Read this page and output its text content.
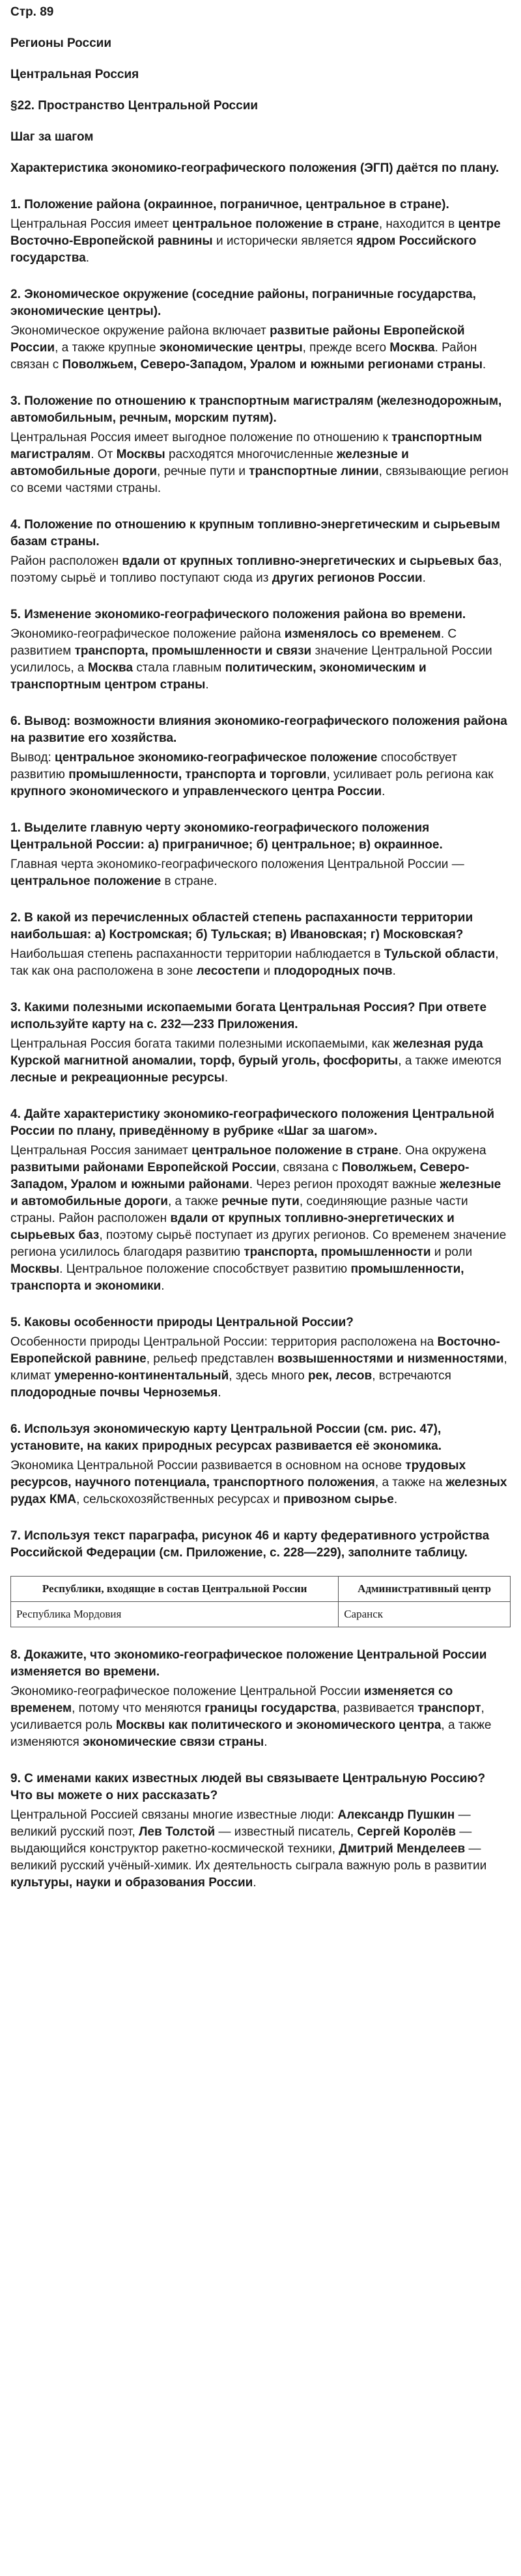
Стр. 89
Регионы России
Центральная Россия
§22. Пространство Центральной России
Шаг за шагом
Характеристика экономико-географического положения (ЭГП) даётся по плану.
1. Положение района (окраинное, пограничное, центральное в стране).

Центральная Россия имеет центральное положение в стране, находится в центре Восточно-Европейской равнины и исторически является ядром Российского государства.

2. Экономическое окружение (соседние районы, пограничные государства, экономические центры).

Экономическое окружение района включает развитые районы Европейской России, а также крупные экономические центры, прежде всего Москва. Район связан с Поволжьем, Северо-Западом, Уралом и южными регионами страны.

3. Положение по отношению к транспортным магистралям (железнодорожным, автомобильным, речным, морским путям).

Центральная Россия имеет выгодное положение по отношению к транспортным магистралям. От Москвы расходятся многочисленные железные и автомобильные дороги, речные пути и транспортные линии, связывающие регион со всеми частями страны.

4. Положение по отношению к крупным топливно-энергетическим и сырьевым базам страны.

Район расположен вдали от крупных топливно-энергетических и сырьевых баз, поэтому сырьё и топливо поступают сюда из других регионов России.

5. Изменение экономико-географического положения района во времени.

Экономико-географическое положение района изменялось со временем. С развитием транспорта, промышленности и связи значение Центральной России усилилось, а Москва стала главным политическим, экономическим и транспортным центром страны.

6. Вывод: возможности влияния экономико-географического положения района на развитие его хозяйства.

Вывод: центральное экономико-географическое положение способствует развитию промышленности, транспорта и торговли, усиливает роль региона как крупного экономического и управленческого центра России.

1. Выделите главную черту экономико-географического положения Центральной России: а) приграничное; б) центральное; в) окраинное.

Главная черта экономико-географического положения Центральной России — центральное положение в стране.

2. В какой из перечисленных областей степень распаханности территории наибольшая: а) Костромская; б) Тульская; в) Ивановская; г) Московская?

Наибольшая степень распаханности территории наблюдается в Тульской области, так как она расположена в зоне лесостепи и плодородных почв.

3. Какими полезными ископаемыми богата Центральная Россия? При ответе используйте карту на с. 232—233 Приложения.

Центральная Россия богата такими полезными ископаемыми, как железная руда Курской магнитной аномалии, торф, бурый уголь, фосфориты, а также имеются лесные и рекреационные ресурсы.

4. Дайте характеристику экономико-географического положения Центральной России по плану, приведённому в рубрике «Шаг за шагом».

Центральная Россия занимает центральное положение в стране. Она окружена развитыми районами Европейской России, связана с Поволжьем, Северо-Западом, Уралом и южными районами. Через регион проходят важные железные и автомобильные дороги, а также речные пути, соединяющие разные части страны. Район расположен вдали от крупных топливно-энергетических и сырьевых баз, поэтому сырьё поступает из других регионов. Со временем значение региона усилилось благодаря развитию транспорта, промышленности и роли Москвы. Центральное положение способствует развитию промышленности, транспорта и экономики.

5. Каковы особенности природы Центральной России?

Особенности природы Центральной России: территория расположена на Восточно-Европейской равнине, рельеф представлен возвышенностями и низменностями, климат умеренно-континентальный, здесь много рек, лесов, встречаются плодородные почвы Черноземья.

6. Используя экономическую карту Центральной России (см. рис. 47), установите, на каких природных ресурсах развивается её экономика.

Экономика Центральной России развивается в основном на основе трудовых ресурсов, научного потенциала, транспортного положения, а также на железных рудах КМА, сельскохозяйственных ресурсах и привозном сырье.

7. Используя текст параграфа, рисунок 46 и карту федеративного устройства Российской Федерации (см. Приложение, с. 228—229), заполните таблицу.
Республики, входящие в состав Центральной России	Административный центр
Республика Мордовия	Саранск
8. Докажите, что экономико-географическое положение Центральной России изменяется во времени.

Экономико-географическое положение Центральной России изменяется со временем, потому что меняются границы государства, развивается транспорт, усиливается роль Москвы как политического и экономического центра, а также изменяются экономические связи страны.

9. С именами каких известных людей вы связываете Центральную Россию? Что вы можете о них рассказать?

Центральной Россией связаны многие известные люди: Александр Пушкин — великий русский поэт, Лев Толстой — известный писатель, Сергей Королёв — выдающийся конструктор ракетно-космической техники, Дмитрий Менделеев — великий русский учёный-химик. Их деятельность сыграла важную роль в развитии культуры, науки и образования России.
